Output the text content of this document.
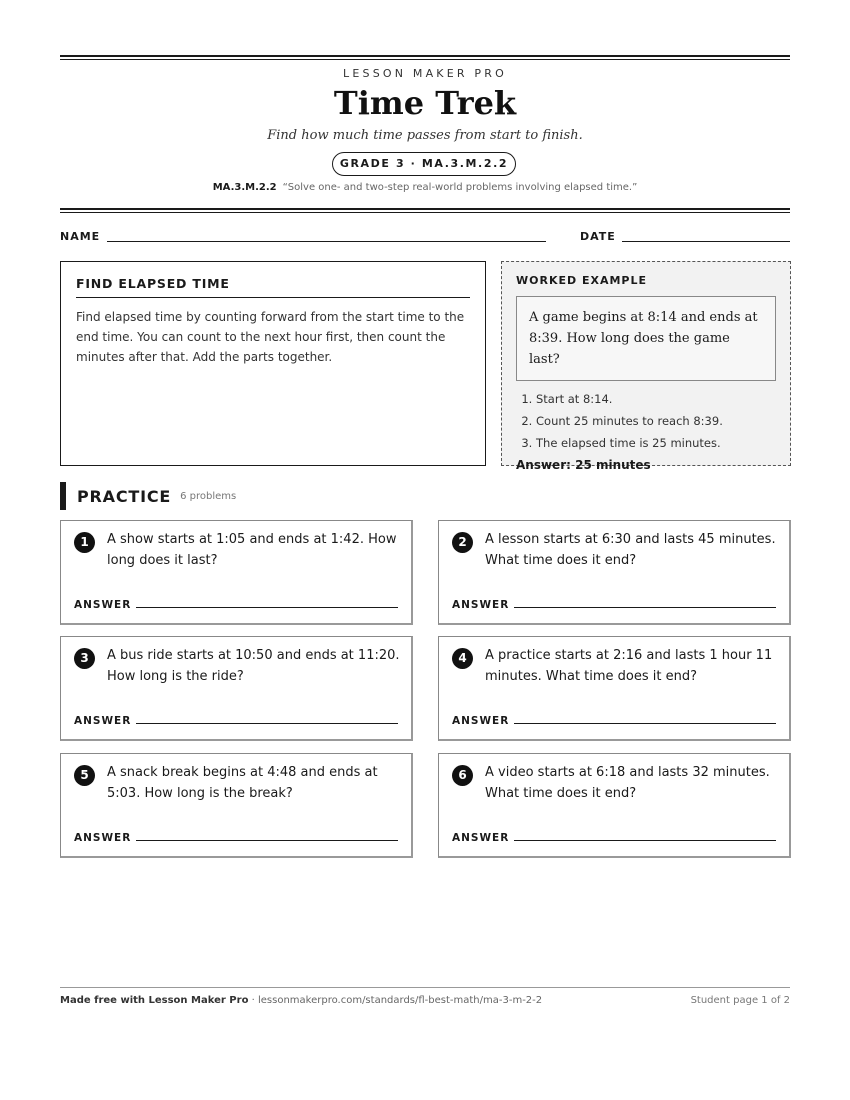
LESSON MAKER PRO
Time Trek
Find how much time passes from start to finish.
GRADE 3 · MA.3.M.2.2
MA.3.M.2.2 “Solve one- and two-step real-world problems involving elapsed time.”
NAME	DATE
FIND ELAPSED TIME

Find elapsed time by counting forward from the start time to the end time. You can count to the next hour first, then count the minutes after that. Add the parts together.

WORKED EXAMPLE
A game begins at 8:14 and ends at 8:39. How long does the game last?
1. Start at 8:14.
2. Count 25 minutes to reach 8:39.
3. The elapsed time is 25 minutes.
Answer: 25 minutes
PRACTICE 6 problems
1	A show starts at 1:05 and ends at 1:42. How long does it last?
ANSWER
2	A lesson starts at 6:30 and lasts 45 minutes. What time does it end?
ANSWER
3	A bus ride starts at 10:50 and ends at 11:20. How long is the ride?
ANSWER
4	A practice starts at 2:16 and lasts 1 hour 11 minutes. What time does it end?
ANSWER
5	A snack break begins at 4:48 and ends at 5:03. How long is the break?
ANSWER
6	A video starts at 6:18 and lasts 32 minutes. What time does it end?
ANSWER
Made free with Lesson Maker Pro · lessonmakerpro.com/standards/fl-best-math/ma-3-m-2-2	Student page 1 of 2
